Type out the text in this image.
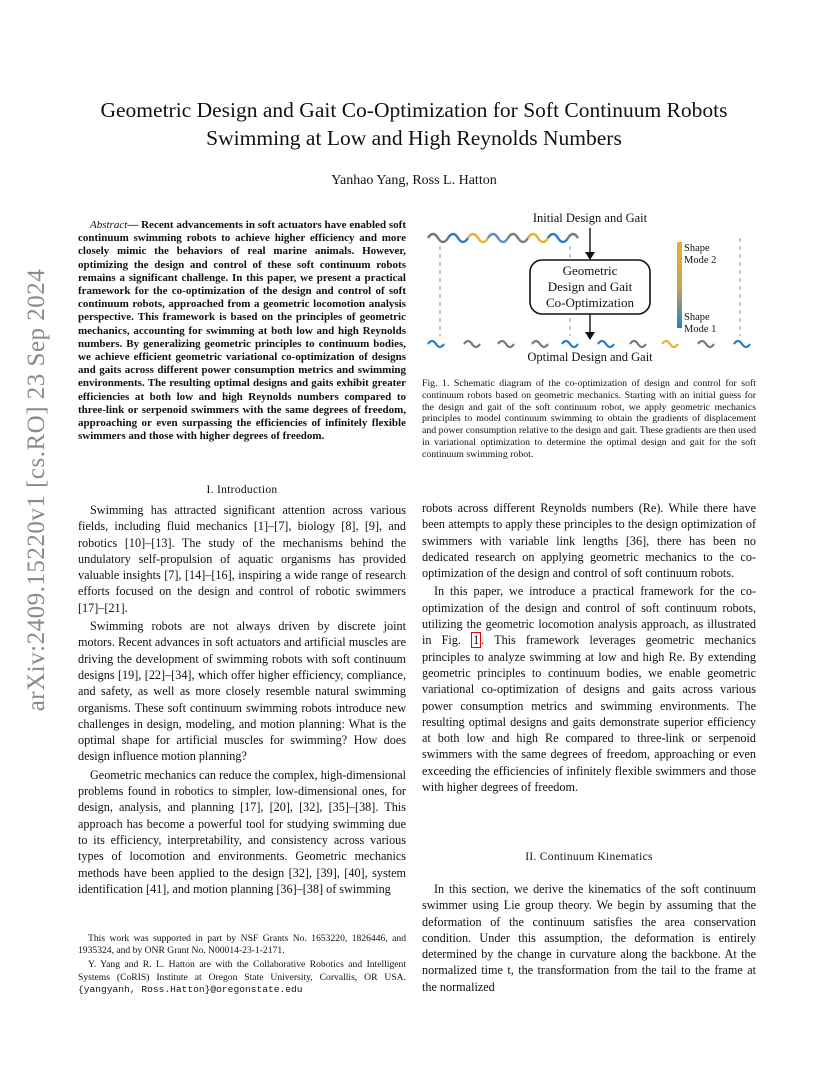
arXiv:2409.15220v1 [cs.RO] 23 Sep 2024
Geometric Design and Gait Co-Optimization for Soft Continuum Robots
Swimming at Low and High Reynolds Numbers
Yanhao Yang, Ross L. Hatton
Abstract— Recent advancements in soft actuators have enabled soft continuum swimming robots to achieve higher efficiency and more closely mimic the behaviors of real marine animals. However, optimizing the design and control of these soft continuum robots remains a significant challenge. In this paper, we present a practical framework for the co-optimization of the design and control of soft continuum robots, approached from a geometric locomotion analysis perspective. This framework is based on the principles of geometric mechanics, accounting for swimming at both low and high Reynolds numbers. By generalizing geometric principles to continuum bodies, we achieve efficient geometric variational co-optimization of designs and gaits across different power consumption metrics and swimming environments. The resulting optimal designs and gaits exhibit greater efficiencies at both low and high Reynolds numbers compared to three-link or serpenoid swimmers with the same degrees of freedom, approaching or even surpassing the efficiencies of infinitely flexible swimmers and those with higher degrees of freedom.
I. Introduction

Swimming has attracted significant attention across various fields, including fluid mechanics [1]–[7], biology [8], [9], and robotics [10]–[13]. The study of the mechanisms behind the undulatory self-propulsion of aquatic organisms has provided valuable insights [7], [14]–[16], inspiring a wide range of research efforts focused on the design and control of robotic swimmers [17]–[21].

Swimming robots are not always driven by discrete joint motors. Recent advances in soft actuators and artificial muscles are driving the development of swimming robots with soft continuum designs [19], [22]–[34], which offer higher efficiency, compliance, and safety, as well as more closely resemble natural swimming organisms. These soft continuum swimming robots introduce new challenges in design, modeling, and motion planning: What is the optimal shape for artificial muscles for swimming? How does design influence motion planning?

Geometric mechanics can reduce the complex, high-dimensional problems found in robotics to simpler, low-dimensional ones, for design, analysis, and planning [17], [20], [32], [35]–[38]. This approach has become a powerful tool for studying swimming due to its efficiency, interpretability, and consistency across various types of locomotion and environments. Geometric mechanics methods have been applied to the design [32], [39], [40], system identification [41], and motion planning [36]–[38] of swimming

This work was supported in part by NSF Grants No. 1653220, 1826446, and 1935324, and by ONR Grant No. N00014-23-1-2171.

Y. Yang and R. L. Hatton are with the Collaborative Robotics and Intelligent Systems (CoRIS) Institute at Oregon State University, Corvallis, OR USA. {yangyanh, Ross.Hatton}@oregonstate.edu

Initial Design and Gait
Geometric
Design and Gait
Co-Optimization
Shape
Mode 2
Shape
Mode 1
Optimal Design and Gait
Fig. 1. Schematic diagram of the co-optimization of design and control for soft continuum robots based on geometric mechanics. Starting with an initial guess for the design and gait of the soft continuum robot, we apply geometric mechanics principles to model continuum swimming to obtain the gradients of displacement and power consumption relative to the design and gait. These gradients are then used in variational optimization to determine the optimal design and gait for the soft continuum swimming robot.

robots across different Reynolds numbers (Re). While there have been attempts to apply these principles to the design optimization of swimmers with variable link lengths [36], there has been no dedicated research on applying geometric mechanics to the co-optimization of the design and control of soft continuum robots.

In this paper, we introduce a practical framework for the co-optimization of the design and control of soft continuum robots, utilizing the geometric locomotion analysis approach, as illustrated in Fig. 1 . This framework leverages geometric mechanics principles to analyze swimming at low and high Re. By extending geometric principles to continuum bodies, we enable geometric variational co-optimization of designs and gaits across various power consumption metrics and swimming environments. The resulting optimal designs and gaits demonstrate superior efficiency at both low and high Re compared to three-link or serpenoid swimmers with the same degrees of freedom, approaching or even exceeding the efficiencies of infinitely flexible swimmers and those with higher degrees of freedom.

II. Continuum Kinematics

In this section, we derive the kinematics of the soft continuum swimmer using Lie group theory. We begin by assuming that the deformation of the continuum satisfies the area conservation condition. Under this assumption, the deformation is entirely determined by the change in curvature along the backbone. At the normalized time t, the transformation from the tail to the frame at the normalized
